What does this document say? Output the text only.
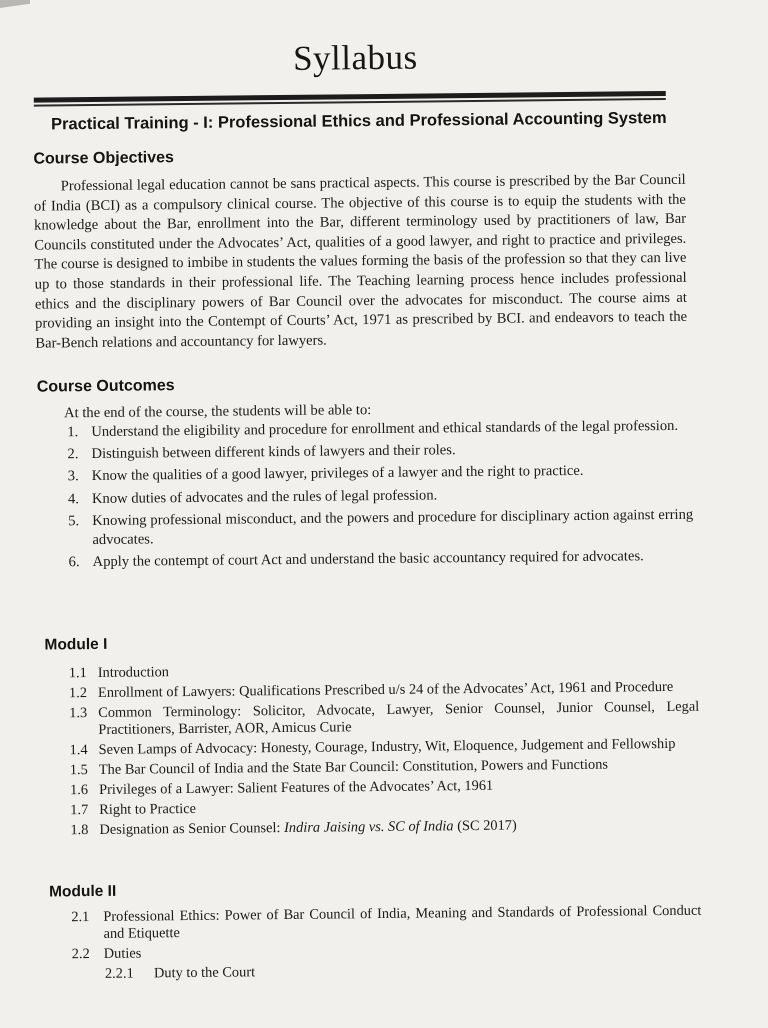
Syllabus
Practical Training - I: Professional Ethics and Professional Accounting System
Course Objectives
Professional legal education cannot be sans practical aspects. This course is prescribed by the Bar Council of India (BCI) as a compulsory clinical course. The objective of this course is to equip the students with the knowledge about the Bar, enrollment into the Bar, different terminology used by practitioners of law, Bar Councils constituted under the Advocates’ Act, qualities of a good lawyer, and right to practice and privileges. The course is designed to imbibe in students the values forming the basis of the profession so that they can live up to those standards in their professional life. The Teaching learning process hence includes professional ethics and the disciplinary powers of Bar Council over the advocates for misconduct. The course aims at providing an insight into the Contempt of Courts’ Act, 1971 as prescribed by BCI. and endeavors to teach the Bar-Bench relations and accountancy for lawyers.
Course Outcomes
At the end of the course, the students will be able to:
1. Understand the eligibility and procedure for enrollment and ethical standards of the legal profession.
2. Distinguish between different kinds of lawyers and their roles.
3. Know the qualities of a good lawyer, privileges of a lawyer and the right to practice.
4. Know duties of advocates and the rules of legal profession.
5. Knowing professional misconduct, and the powers and procedure for disciplinary action against erring advocates.
6. Apply the contempt of court Act and understand the basic accountancy required for advocates.
Module I
1.1 Introduction
1.2 Enrollment of Lawyers: Qualifications Prescribed u/s 24 of the Advocates’ Act, 1961 and Procedure
1.3 Common Terminology: Solicitor, Advocate, Lawyer, Senior Counsel, Junior Counsel, Legal Practitioners, Barrister, AOR, Amicus Curie
1.4 Seven Lamps of Advocacy: Honesty, Courage, Industry, Wit, Eloquence, Judgement and Fellowship
1.5 The Bar Council of India and the State Bar Council: Constitution, Powers and Functions
1.6 Privileges of a Lawyer: Salient Features of the Advocates’ Act, 1961
1.7 Right to Practice
1.8 Designation as Senior Counsel: Indira Jaising vs. SC of India (SC 2017)
Module II
2.1 Professional Ethics: Power of Bar Council of India, Meaning and Standards of Professional Conduct and Etiquette
2.2 Duties
2.2.1 Duty to the Court
